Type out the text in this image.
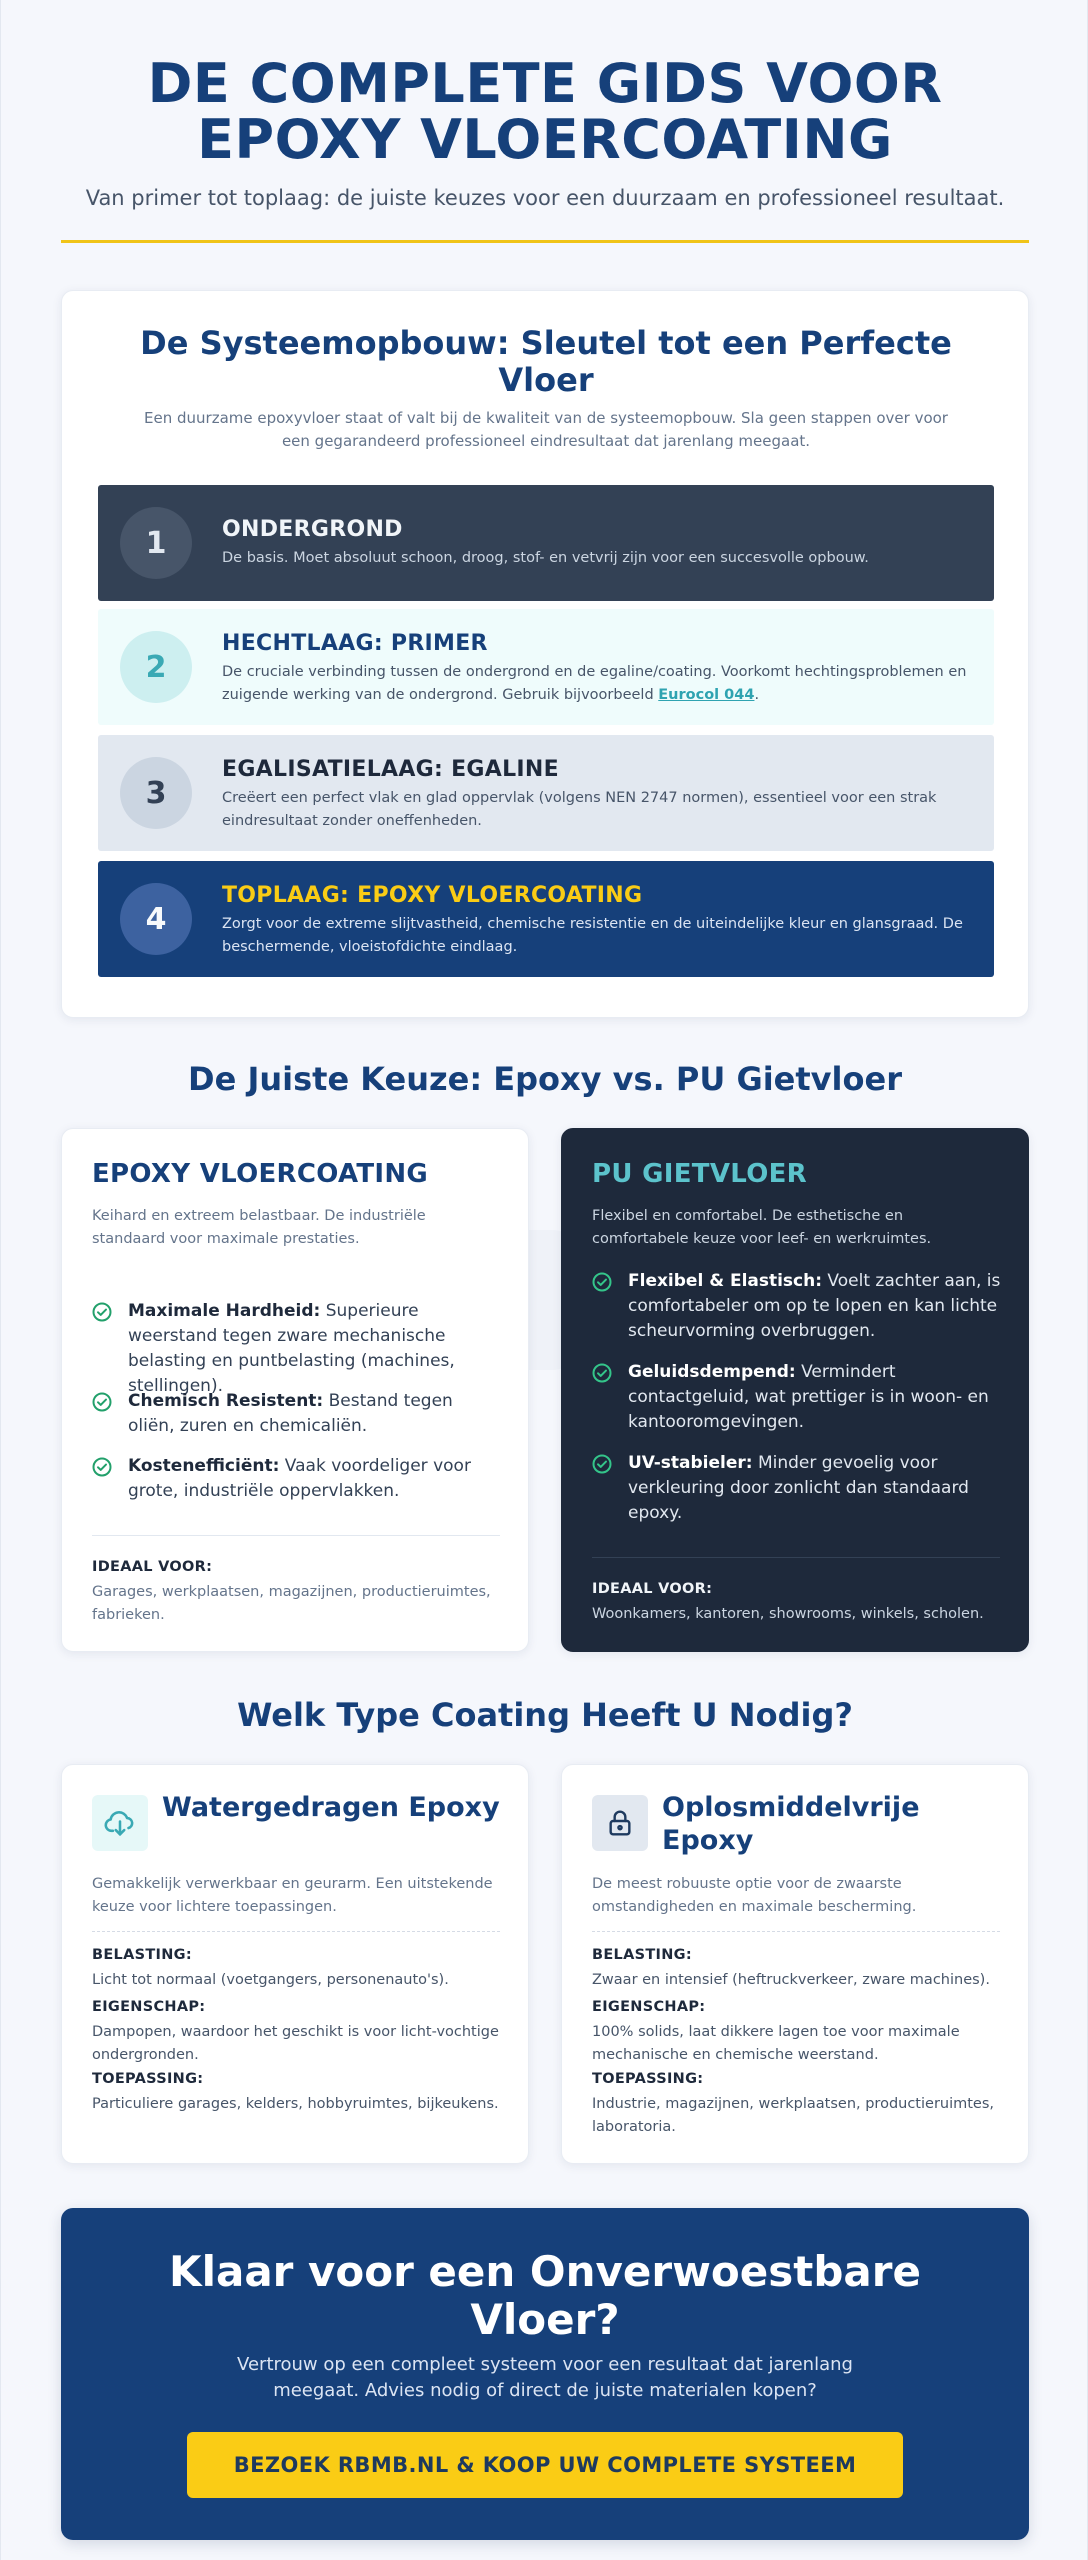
DE COMPLETE GIDS VOOR
EPOXY VLOERCOATING
Van primer tot toplaag: de juiste keuzes voor een duurzaam en professioneel resultaat.
De Systeemopbouw: Sleutel tot een Perfecte Vloer
Een duurzame epoxyvloer staat of valt bij de kwaliteit van de systeemopbouw. Sla geen stappen over voor een gegarandeerd professioneel eindresultaat dat jarenlang meegaat.
1	ONDERGROND
De basis. Moet absoluut schoon, droog, stof- en vetvrij zijn voor een succesvolle opbouw.
2
HECHTLAAG: PRIMER
De cruciale verbinding tussen de ondergrond en de egaline/coating. Voorkomt hechtingsproblemen en zuigende werking van de ondergrond. Gebruik bijvoorbeeld Eurocol 044.
3
EGALISATIELAAG: EGALINE
Creëert een perfect vlak en glad oppervlak (volgens NEN 2747 normen), essentieel voor een strak eindresultaat zonder oneffenheden.
4
TOPLAAG: EPOXY VLOERCOATING
Zorgt voor de extreme slijtvastheid, chemische resistentie en de uiteindelijke kleur en glansgraad. De beschermende, vloeistofdichte eindlaag.
De Juiste Keuze: Epoxy vs. PU Gietvloer
EPOXY VLOERCOATING
Keihard en extreem belastbaar. De industriële standaard voor maximale prestaties.
Maximale Hardheid: Superieure weerstand tegen zware mechanische belasting en puntbelasting (machines, stellingen).
Chemisch Resistent: Bestand tegen oliën, zuren en chemicaliën.
Kostenefficiënt: Vaak voordeliger voor grote, industriële oppervlakken.
IDEAAL VOOR:
Garages, werkplaatsen, magazijnen, productieruimtes, fabrieken.
PU GIETVLOER
Flexibel en comfortabel. De esthetische en comfortabele keuze voor leef- en werkruimtes.
Flexibel & Elastisch: Voelt zachter aan, is comfortabeler om op te lopen en kan lichte scheurvorming overbruggen.
Geluidsdempend: Vermindert contactgeluid, wat prettiger is in woon- en kantooromgevingen.
UV-stabieler: Minder gevoelig voor verkleuring door zonlicht dan standaard epoxy.
IDEAAL VOOR:
Woonkamers, kantoren, showrooms, winkels, scholen.
Welk Type Coating Heeft U Nodig?
Watergedragen Epoxy
Gemakkelijk verwerkbaar en geurarm. Een uitstekende keuze voor lichtere toepassingen.
BELASTING:
Licht tot normaal (voetgangers, personenauto's).
EIGENSCHAP:
Dampopen, waardoor het geschikt is voor licht-vochtige ondergronden.
TOEPASSING:
Particuliere garages, kelders, hobbyruimtes, bijkeukens.
Oplosmiddelvrije Epoxy
De meest robuuste optie voor de zwaarste omstandigheden en maximale bescherming.
BELASTING:
Zwaar en intensief (heftruckverkeer, zware machines).
EIGENSCHAP:
100% solids, laat dikkere lagen toe voor maximale mechanische en chemische weerstand.
TOEPASSING:
Industrie, magazijnen, werkplaatsen, productieruimtes, laboratoria.
Klaar voor een Onverwoestbare Vloer?
Vertrouw op een compleet systeem voor een resultaat dat jarenlang meegaat. Advies nodig of direct de juiste materialen kopen?
BEZOEK RBMB.NL & KOOP UW COMPLETE SYSTEEM
